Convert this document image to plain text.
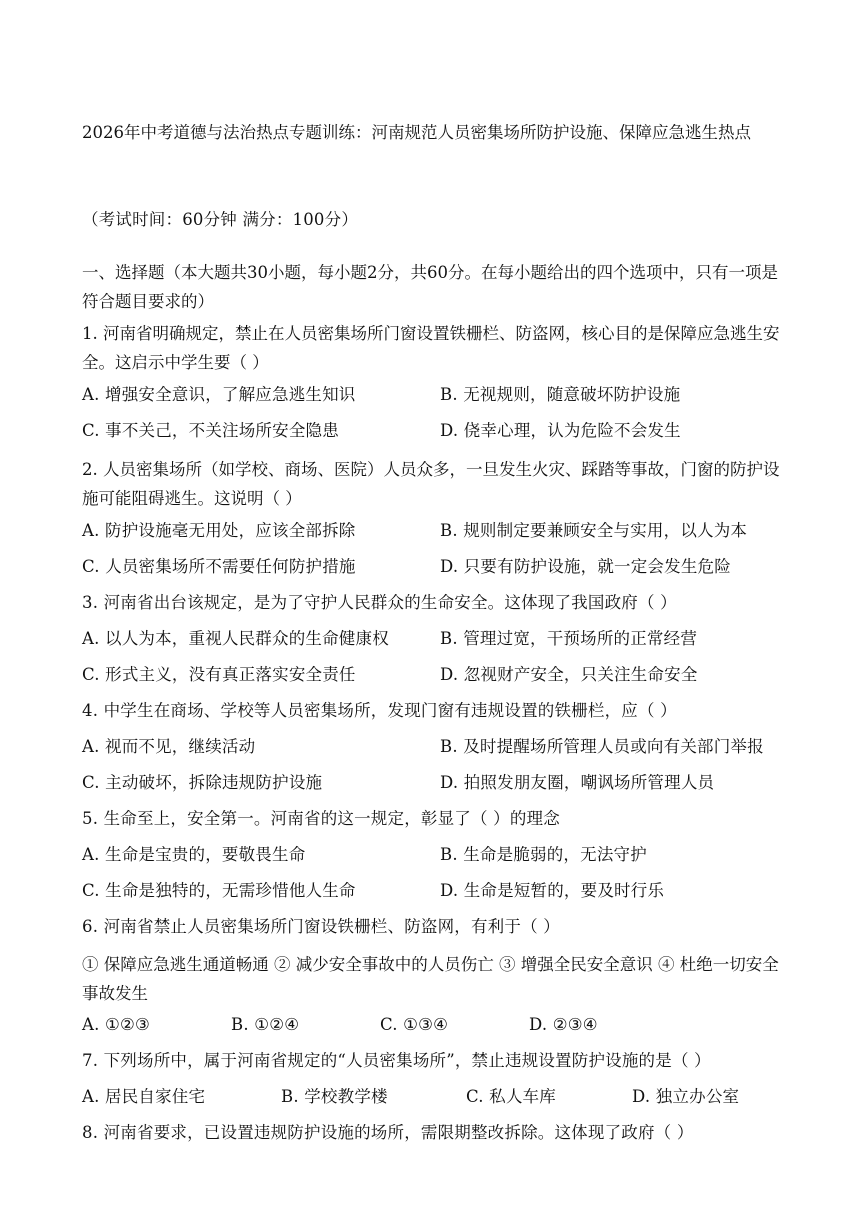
2026年中考道德与法治热点专题训练：河南规范人员密集场所防护设施、保障应急逃生热点
（考试时间：60分钟 满分：100分）
一、选择题（本大题共30小题，每小题2分，共60分。在每小题给出的四个选项中，只有一项是符合题目要求的）
1. 河南省明确规定，禁止在人员密集场所门窗设置铁栅栏、防盗网，核心目的是保障应急逃生安全。这启示中学生要（ ）
A. 增强安全意识，了解应急逃生知识	B. 无视规则，随意破坏防护设施
C. 事不关己，不关注场所安全隐患	D. 侥幸心理，认为危险不会发生
2. 人员密集场所（如学校、商场、医院）人员众多，一旦发生火灾、踩踏等事故，门窗的防护设施可能阻碍逃生。这说明（ ）
A. 防护设施毫无用处，应该全部拆除	B. 规则制定要兼顾安全与实用，以人为本
C. 人员密集场所不需要任何防护措施	D. 只要有防护设施，就一定会发生危险
3. 河南省出台该规定，是为了守护人民群众的生命安全。这体现了我国政府（ ）
A. 以人为本，重视人民群众的生命健康权	B. 管理过宽，干预场所的正常经营
C. 形式主义，没有真正落实安全责任	D. 忽视财产安全，只关注生命安全
4. 中学生在商场、学校等人员密集场所，发现门窗有违规设置的铁栅栏，应（ ）
A. 视而不见，继续活动	B. 及时提醒场所管理人员或向有关部门举报
C. 主动破坏，拆除违规防护设施	D. 拍照发朋友圈，嘲讽场所管理人员
5. 生命至上，安全第一。河南省的这一规定，彰显了（ ）的理念
A. 生命是宝贵的，要敬畏生命	B. 生命是脆弱的，无法守护
C. 生命是独特的，无需珍惜他人生命	D. 生命是短暂的，要及时行乐
6. 河南省禁止人员密集场所门窗设铁栅栏、防盗网，有利于（ ）
① 保障应急逃生通道畅通 ② 减少安全事故中的人员伤亡 ③ 增强全民安全意识 ④ 杜绝一切安全事故发生
A. ①②③	B. ①②④	C. ①③④	D. ②③④
7. 下列场所中，属于河南省规定的“人员密集场所”，禁止违规设置防护设施的是（ ）
A. 居民自家住宅	B. 学校教学楼	C. 私人车库	D. 独立办公室
8. 河南省要求，已设置违规防护设施的场所，需限期整改拆除。这体现了政府（ ）
